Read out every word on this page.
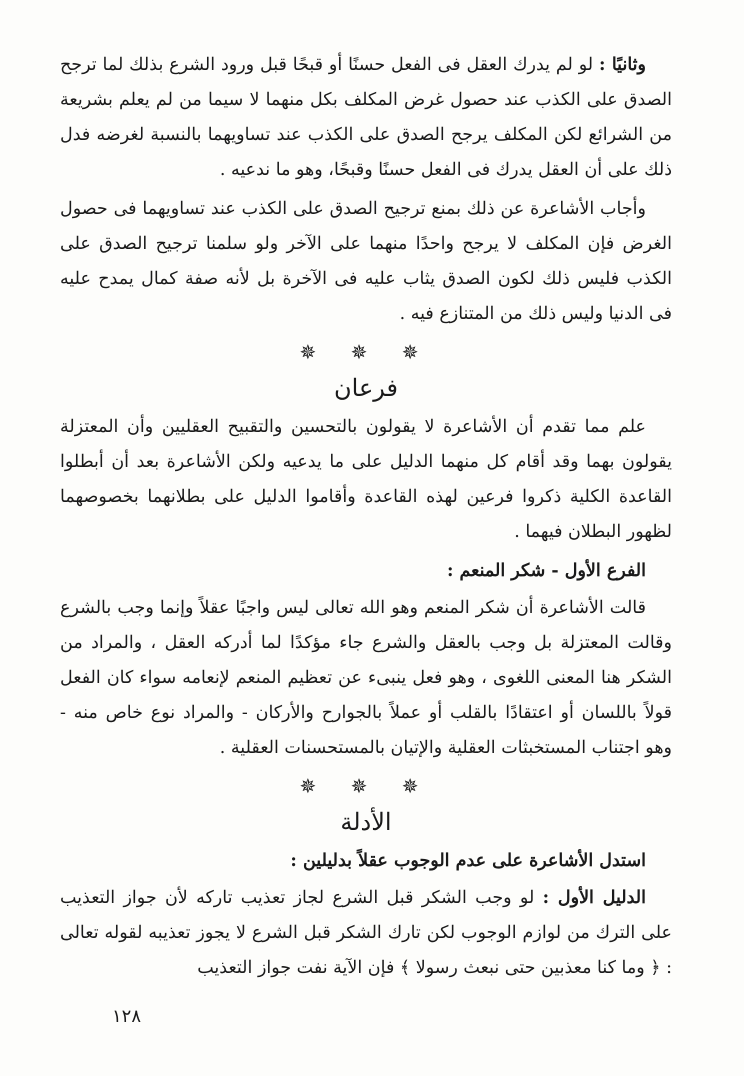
وثانيًا : لو لم يدرك العقل فى الفعل حسنًا أو قبحًا قبل ورود الشرع بذلك لما ترجح الصدق على الكذب عند حصول غرض المكلف بكل منهما لا سيما من لم يعلم بشريعة من الشرائع لكن المكلف يرجح الصدق على الكذب عند تساويهما بالنسبة لغرضه فدل ذلك على أن العقل يدرك فى الفعل حسنًا وقبحًا، وهو ما ندعيه .

وأجاب الأشاعرة عن ذلك بمنع ترجيح الصدق على الكذب عند تساويهما فى حصول الغرض فإن المكلف لا يرجح واحدًا منهما على الآخر ولو سلمنا ترجيح الصدق على الكذب فليس ذلك لكون الصدق يثاب عليه فى الآخرة بل لأنه صفة كمال يمدح عليه فى الدنيا وليس ذلك من المتنازع فيه .

✵ ✵ ✵
فرعان

علم مما تقدم أن الأشاعرة لا يقولون بالتحسين والتقبيح العقليين وأن المعتزلة يقولون بهما وقد أقام كل منهما الدليل على ما يدعيه ولكن الأشاعرة بعد أن أبطلوا القاعدة الكلية ذكروا فرعين لهذه القاعدة وأقاموا الدليل على بطلانهما بخصوصهما لظهور البطلان فيهما .

الفرع الأول - شكر المنعم :

قالت الأشاعرة أن شكر المنعم وهو الله تعالى ليس واجبًا عقلاً وإنما وجب بالشرع وقالت المعتزلة بل وجب بالعقل والشرع جاء مؤكدًا لما أدركه العقل ، والمراد من الشكر هنا المعنى اللغوى ، وهو فعل ينبىء عن تعظيم المنعم لإنعامه سواء كان الفعل قولاً باللسان أو اعتقادًا بالقلب أو عملاً بالجوارح والأركان - والمراد نوع خاص منه - وهو اجتناب المستخبثات العقلية والإتيان بالمستحسنات العقلية .

✵ ✵ ✵
الأدلة
استدل الأشاعرة على عدم الوجوب عقلاً بدليلين :

الدليل الأول : لو وجب الشكر قبل الشرع لجاز تعذيب تاركه لأن جواز التعذيب على الترك من لوازم الوجوب لكن تارك الشكر قبل الشرع لا يجوز تعذيبه لقوله تعالى : ﴿ وما كنا معذبين حتى نبعث رسولا ﴾ فإن الآية نفت جواز التعذيب

١٢٨
